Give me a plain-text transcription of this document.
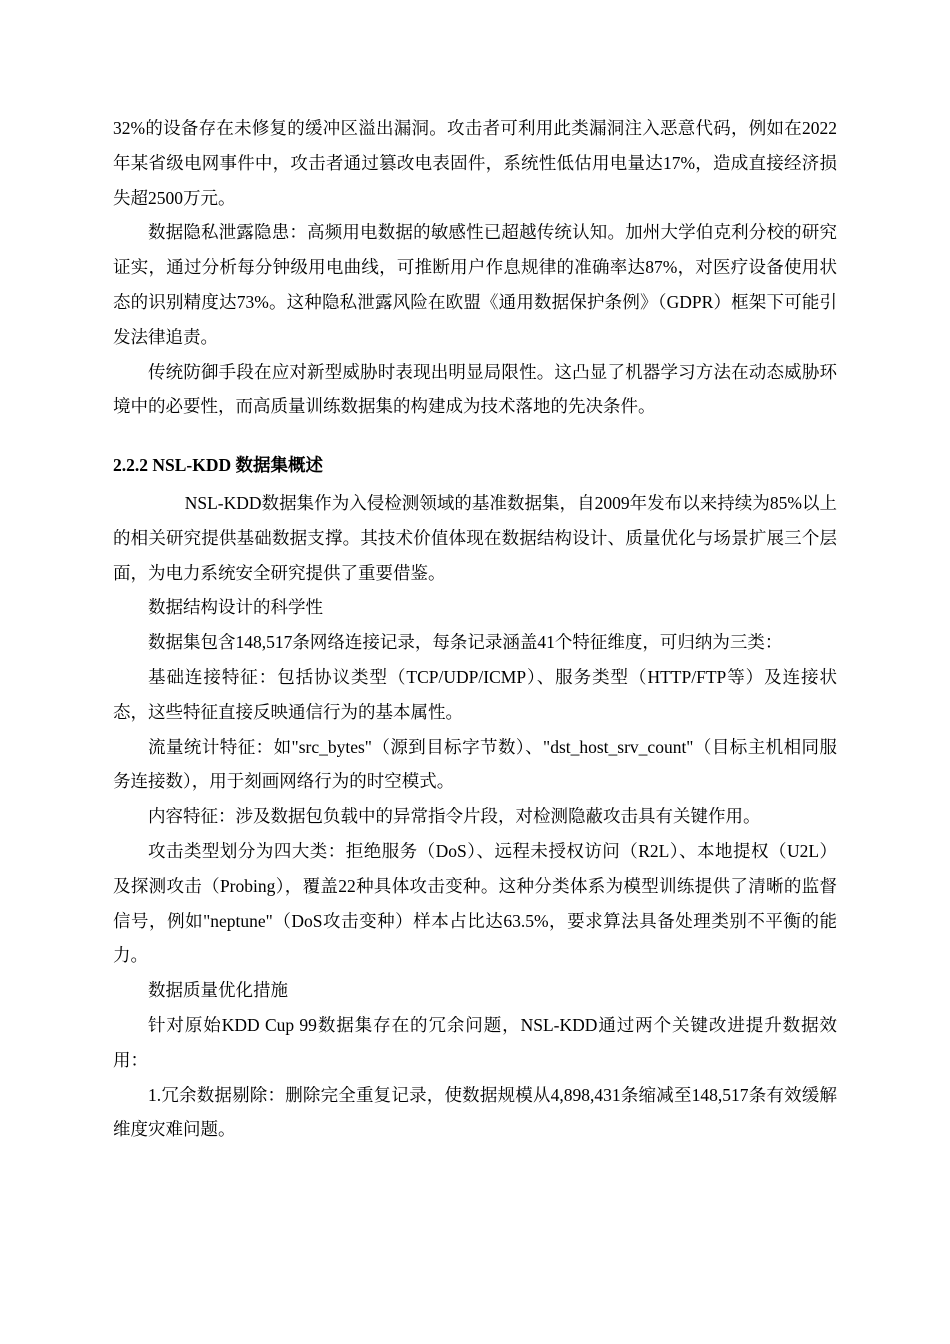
32%的设备存在未修复的缓冲区溢出漏洞。攻击者可利用此类漏洞注入恶意代码，例如在2022年某省级电网事件中，攻击者通过篡改电表固件，系统性低估用电量达17%，造成直接经济损失超2500万元。

数据隐私泄露隐患：高频用电数据的敏感性已超越传统认知。加州大学伯克利分校的研究证实，通过分析每分钟级用电曲线，可推断用户作息规律的准确率达87%，对医疗设备使用状态的识别精度达73%。这种隐私泄露风险在欧盟《通用数据保护条例》（GDPR）框架下可能引发法律追责。

传统防御手段在应对新型威胁时表现出明显局限性。这凸显了机器学习方法在动态威胁环境中的必要性，而高质量训练数据集的构建成为技术落地的先决条件。

2.2.2 NSL-KDD 数据集概述

NSL-KDD数据集作为入侵检测领域的基准数据集，自2009年发布以来持续为85%以上的相关研究提供基础数据支撑。其技术价值体现在数据结构设计、质量优化与场景扩展三个层面，为电力系统安全研究提供了重要借鉴。

数据结构设计的科学性

数据集包含148,517条网络连接记录，每条记录涵盖41个特征维度，可归纳为三类：

基础连接特征：包括协议类型（TCP/UDP/ICMP）、服务类型（HTTP/FTP等）及连接状态，这些特征直接反映通信行为的基本属性。

流量统计特征：如"src_bytes"（源到目标字节数）、"dst_host_srv_count"（目标主机相同服务连接数），用于刻画网络行为的时空模式。

内容特征：涉及数据包负载中的异常指令片段，对检测隐蔽攻击具有关键作用。

攻击类型划分为四大类：拒绝服务（DoS）、远程未授权访问（R2L）、本地提权（U2L）及探测攻击（Probing），覆盖22种具体攻击变种。这种分类体系为模型训练提供了清晰的监督信号，例如"neptune"（DoS攻击变种）样本占比达63.5%，要求算法具备处理类别不平衡的能力。

数据质量优化措施

针对原始KDD Cup 99数据集存在的冗余问题，NSL-KDD通过两个关键改进提升数据效用：

1.冗余数据剔除：删除完全重复记录，使数据规模从4,898,431条缩减至148,517条有效缓解维度灾难问题。
